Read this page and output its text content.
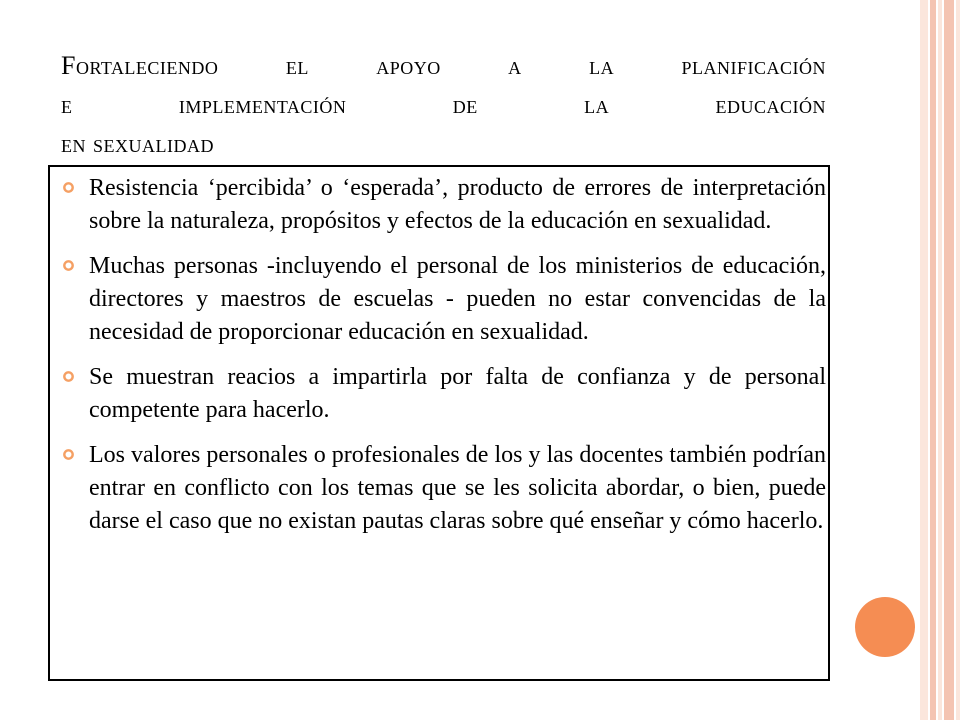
Fortaleciendo el apoyo a la planificación
e implementación de la educación
en sexualidad
Resistencia ‘percibida’ o ‘esperada’, producto de errores de interpretación sobre la naturaleza, propósitos y efectos de la educación en sexualidad.
Muchas personas -incluyendo el personal de los ministerios de educación, directores y maestros de escuelas - pueden no estar convencidas de la necesidad de proporcionar educación en sexualidad.
Se muestran reacios a impartirla por falta de confianza y de personal competente para hacerlo.
Los valores personales o profesionales de los y las docentes también podrían entrar en conflicto con los temas que se les solicita abordar, o bien, puede darse el caso que no existan pautas claras sobre qué enseñar y cómo hacerlo.
